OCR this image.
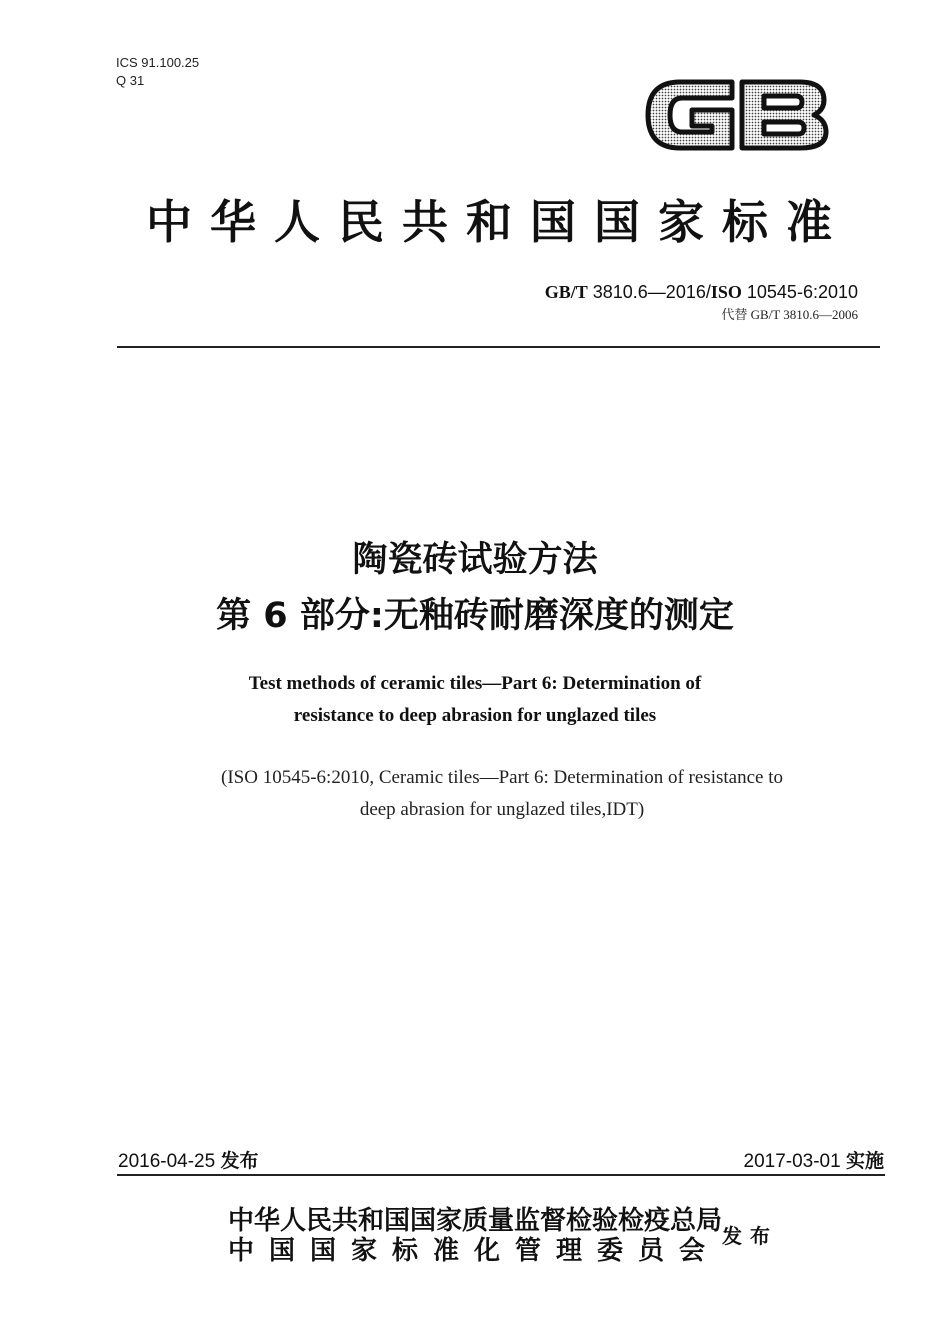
ICS 91.100.25
Q 31
中华人民共和国国家标准
GB/T 3810.6—2016/ISO 10545-6:2010
代替 GB/T 3810.6—2006
陶瓷砖试验方法
第 6 部分:无釉砖耐磨深度的测定
Test methods of ceramic tiles—Part 6: Determination of
resistance to deep abrasion for unglazed tiles
(ISO 10545-6:2010, Ceramic tiles—Part 6: Determination of resistance to
deep abrasion for unglazed tiles,IDT)
2016-04-25 发布	2017-03-01 实施
中华人民共和国国家质量监督检验检疫总局
中国国家标准化管理委员会 发布
